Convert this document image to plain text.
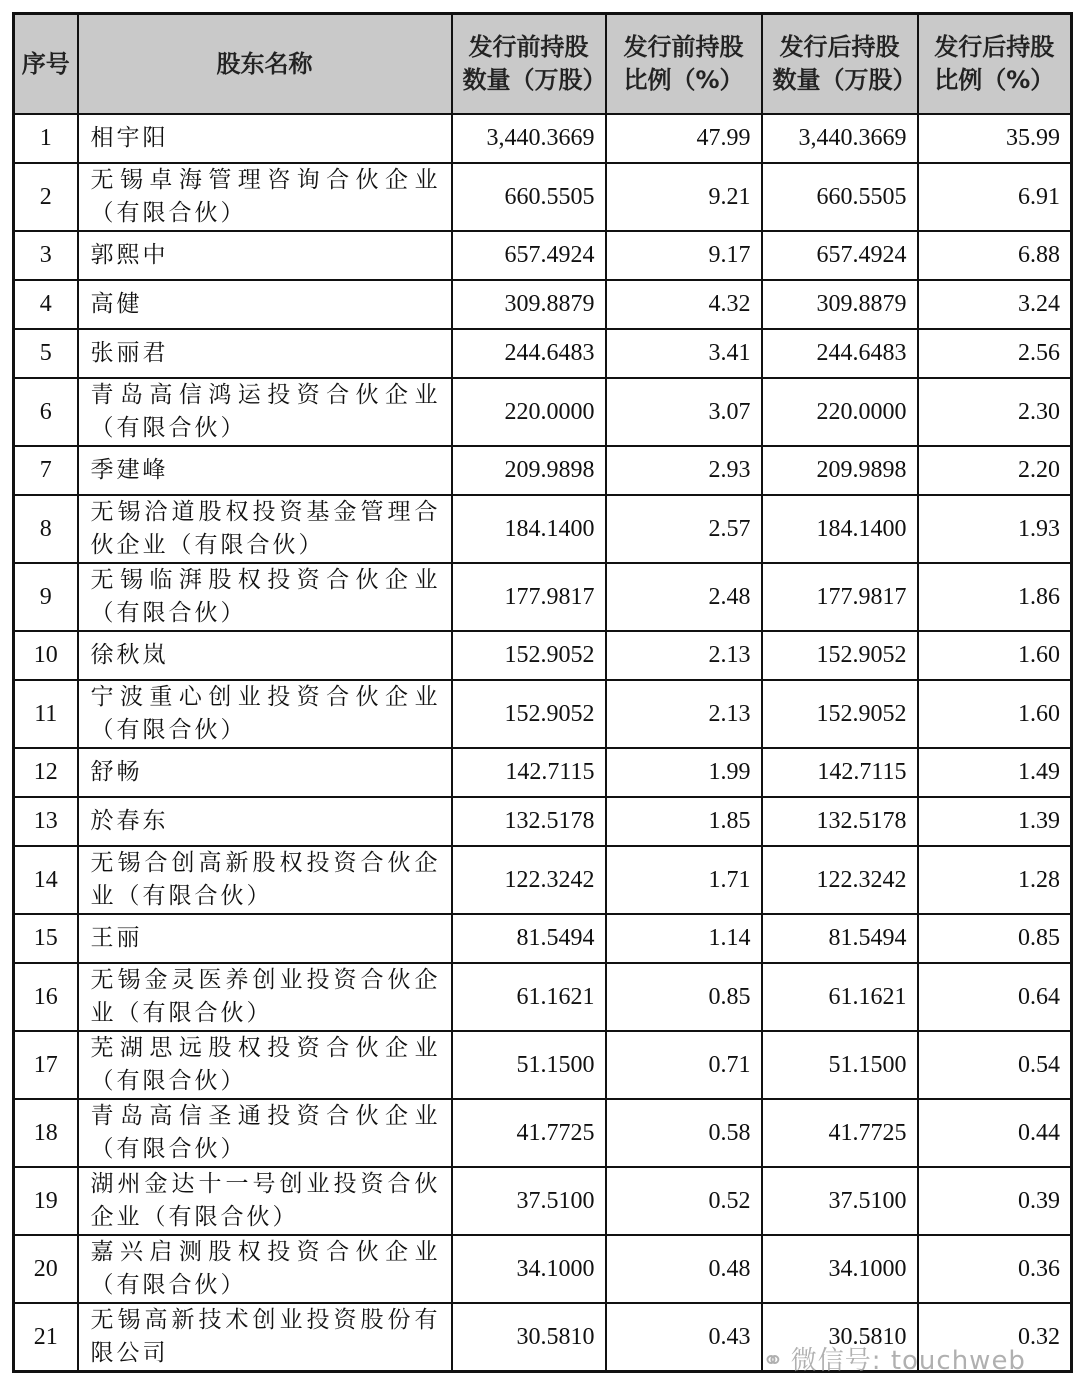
序号	股东名称	发行前持股数量（万股）	发行前持股比例（%）	发行后持股数量（万股）	发行后持股比例（%）
1	相宇阳	3,440.3669	47.99	3,440.3669	35.99
2	无锡卓海管理咨询合伙企业（有限合伙）	660.5505	9.21	660.5505	6.91
3	郭熙中	657.4924	9.17	657.4924	6.88
4	高健	309.8879	4.32	309.8879	3.24
5	张丽君	244.6483	3.41	244.6483	2.56
6	青岛高信鸿运投资合伙企业（有限合伙）	220.0000	3.07	220.0000	2.30
7	季建峰	209.9898	2.93	209.9898	2.20
8	无锡洽道股权投资基金管理合伙企业（有限合伙）	184.1400	2.57	184.1400	1.93
9	无锡临湃股权投资合伙企业（有限合伙）	177.9817	2.48	177.9817	1.86
10	徐秋岚	152.9052	2.13	152.9052	1.60
11	宁波重心创业投资合伙企业（有限合伙）	152.9052	2.13	152.9052	1.60
12	舒畅	142.7115	1.99	142.7115	1.49
13	於春东	132.5178	1.85	132.5178	1.39
14	无锡合创高新股权投资合伙企业（有限合伙）	122.3242	1.71	122.3242	1.28
15	王丽	81.5494	1.14	81.5494	0.85
16	无锡金灵医养创业投资合伙企业（有限合伙）	61.1621	0.85	61.1621	0.64
17	芜湖思远股权投资合伙企业（有限合伙）	51.1500	0.71	51.1500	0.54
18	青岛高信圣通投资合伙企业（有限合伙）	41.7725	0.58	41.7725	0.44
19	湖州金达十一号创业投资合伙企业（有限合伙）	37.5100	0.52	37.5100	0.39
20	嘉兴启测股权投资合伙企业（有限合伙）	34.1000	0.48	34.1000	0.36
21	无锡高新技术创业投资股份有限公司	30.5810	0.43	30.5810	0.32
⚭ 微信号: touchweb
